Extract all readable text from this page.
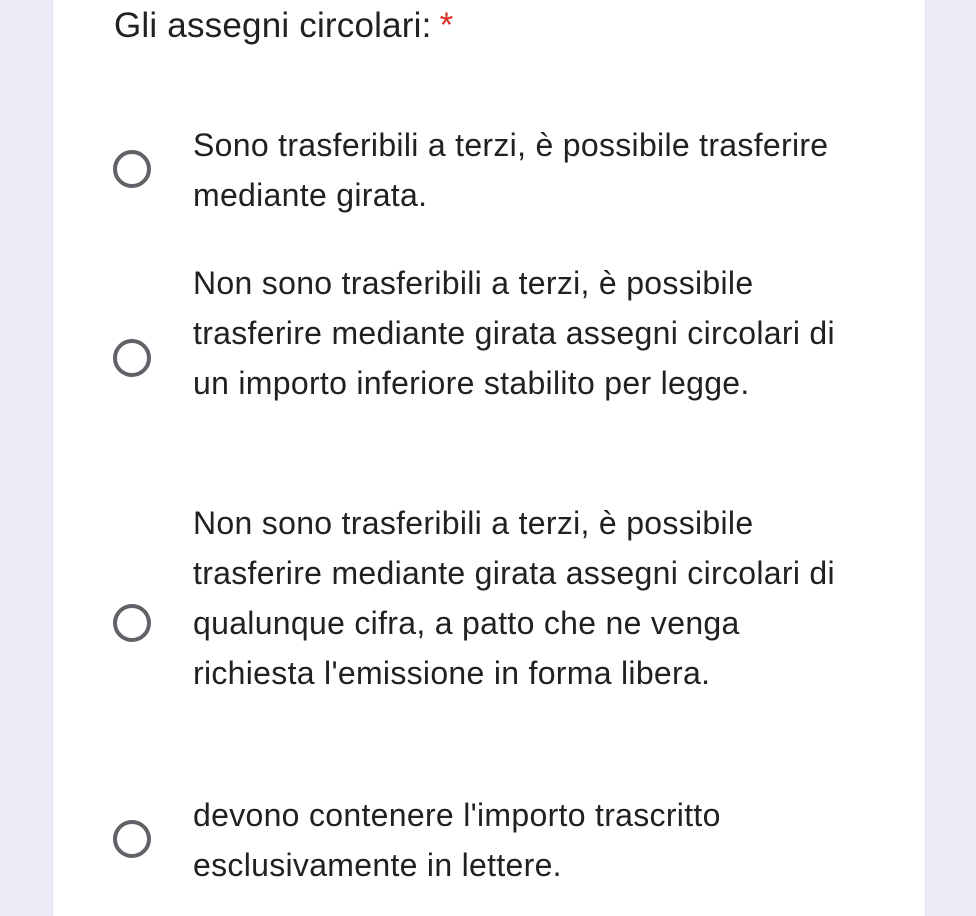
Gli assegni circolari: *
Sono trasferibili a terzi, è possibile trasferire mediante girata.
Non sono trasferibili a terzi, è possibile trasferire mediante girata assegni circolari di un importo inferiore stabilito per legge.
Non sono trasferibili a terzi, è possibile trasferire mediante girata assegni circolari di qualunque cifra, a patto che ne venga richiesta l'emissione in forma libera.
devono contenere l'importo trascritto esclusivamente in lettere.
